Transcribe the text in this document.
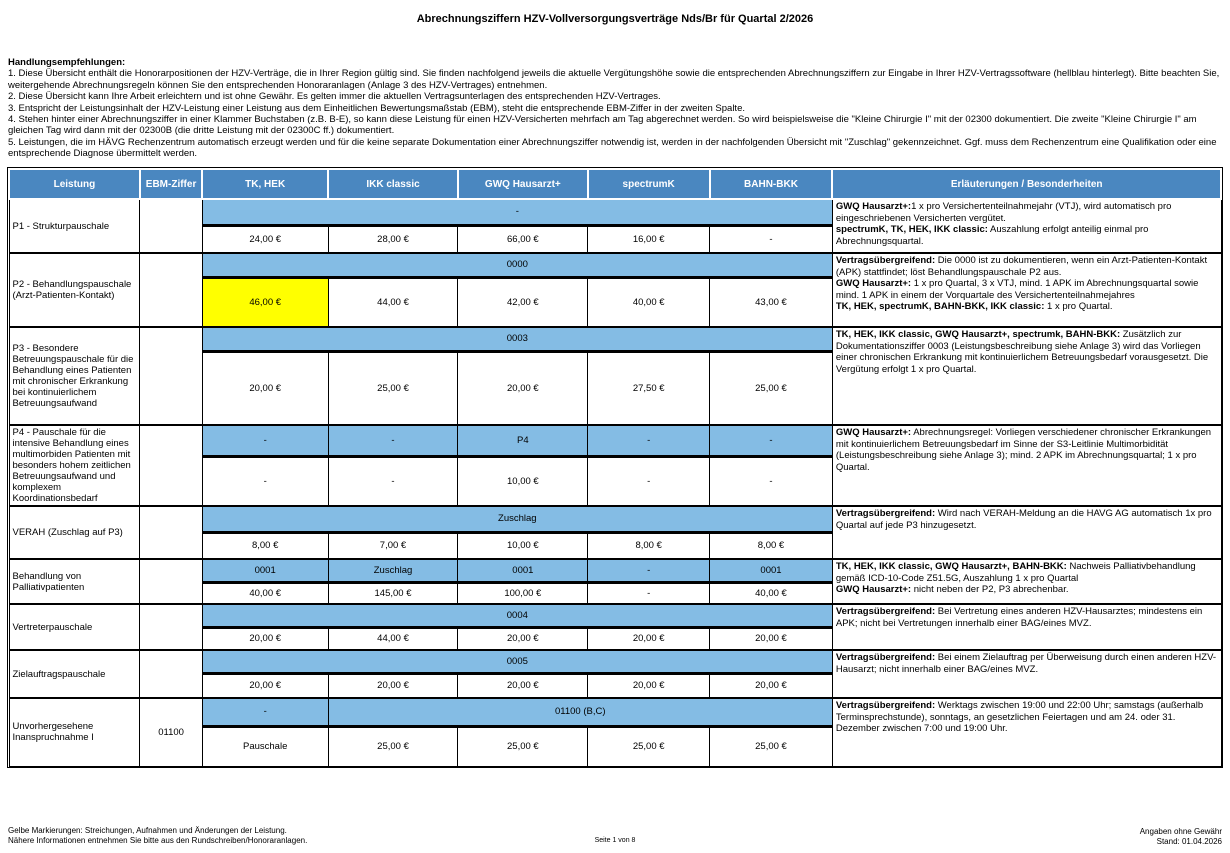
Abrechnungsziffern HZV-Vollversorgungsverträge Nds/Br für Quartal 2/2026
Handlungsempfehlungen:
1. Diese Übersicht enthält die Honorarpositionen der HZV-Verträge, die in Ihrer Region gültig sind. Sie finden nachfolgend jeweils die aktuelle Vergütungshöhe sowie die entsprechenden Abrechnungsziffern zur Eingabe in Ihrer HZV-Vertragssoftware (hellblau hinterlegt). Bitte beachten Sie, weitergehende Abrechnungsregeln können Sie den entsprechenden Honoraranlagen (Anlage 3 des HZV-Vertrages) entnehmen.
2. Diese Übersicht kann Ihre Arbeit erleichtern und ist ohne Gewähr. Es gelten immer die aktuellen Vertragsunterlagen des entsprechenden HZV-Vertrages.
3. Entspricht der Leistungsinhalt der HZV-Leistung einer Leistung aus dem Einheitlichen Bewertungsmaßstab (EBM), steht die entsprechende EBM-Ziffer in der zweiten Spalte.
4. Stehen hinter einer Abrechnungsziffer in einer Klammer Buchstaben (z.B. B-E), so kann diese Leistung für einen HZV-Versicherten mehrfach am Tag abgerechnet werden. So wird beispielsweise die "Kleine Chirurgie I" mit der 02300 dokumentiert. Die zweite "Kleine Chirurgie I" am gleichen Tag wird dann mit der 02300B (die dritte Leistung mit der 02300C ff.) dokumentiert.
5. Leistungen, die im HÄVG Rechenzentrum automatisch erzeugt werden und für die keine separate Dokumentation einer Abrechnungsziffer notwendig ist, werden in der nachfolgenden Übersicht mit "Zuschlag" gekennzeichnet. Ggf. muss dem Rechenzentrum eine Qualifikation oder eine entsprechende Diagnose übermittelt werden.
Leistung	EBM-Ziffer	TK, HEK	IKK classic	GWQ Hausarzt+	spectrumK	BAHN-BKK	Erläuterungen / Besonderheiten
P1 - Strukturpauschale		-					GWQ Hausarzt+:1 x pro Versichertenteilnahmejahr (VTJ), wird automatisch pro eingeschriebenen Versicherten vergütet.
spectrumK, TK, HEK, IKK classic: Auszahlung erfolgt anteilig einmal pro Abrechnungsquartal.
		24,00 €	28,00 €	66,00 €	16,00 €	-	
P2 - Behandlungspauschale (Arzt-Patienten-Kontakt)		0000					Vertragsübergreifend: Die 0000 ist zu dokumentieren, wenn ein Arzt-Patienten-Kontakt (APK) stattfindet; löst Behandlungspauschale P2 aus.
GWQ Hausarzt+: 1 x pro Quartal, 3 x VTJ, mind. 1 APK im Abrechnungsquartal sowie mind. 1 APK in einem der Vorquartale des Versichertenteilnahmejahres
TK, HEK, spectrumK, BAHN-BKK, IKK classic: 1 x pro Quartal.
		46,00 €	44,00 €	42,00 €	40,00 €	43,00 €	
P3 - Besondere Betreuungspauschale für die Behandlung eines Patienten mit chronischer Erkrankung bei kontinuierlichem Betreuungsaufwand		0003					TK, HEK, IKK classic, GWQ Hausarzt+, spectrumk, BAHN-BKK: Zusätzlich zur Dokumentationsziffer 0003 (Leistungsbeschreibung siehe Anlage 3) wird das Vorliegen einer chronischen Erkrankung mit kontinuierlichem Betreuungsbedarf vorausgesetzt. Die Vergütung erfolgt 1 x pro Quartal.
		20,00 €	25,00 €	20,00 €	27,50 €	25,00 €	
P4 - Pauschale für die intensive Behandlung eines multimorbiden Patienten mit besonders hohem zeitlichen Betreuungsaufwand und komplexem Koordinationsbedarf		-	-	P4	-	-	GWQ Hausarzt+: Abrechnungsregel: Vorliegen verschiedener chronischer Erkrankungen mit kontinuierlichem Betreuungsbedarf im Sinne der S3-Leitlinie Multimorbidität (Leistungsbeschreibung siehe Anlage 3); mind. 2 APK im Abrechnungsquartal; 1 x pro Quartal.
		-	-	10,00 €	-	-	
VERAH (Zuschlag auf P3)		Zuschlag					Vertragsübergreifend: Wird nach VERAH-Meldung an die HAVG AG automatisch 1x pro Quartal auf jede P3 hinzugesetzt.
		8,00 €	7,00 €	10,00 €	8,00 €	8,00 €	
Behandlung von Palliativpatienten		0001	Zuschlag	0001	-	0001	TK, HEK, IKK classic, GWQ Hausarzt+, BAHN-BKK: Nachweis Palliativbehandlung gemäß ICD-10-Code Z51.5G, Auszahlung 1 x pro Quartal
GWQ Hausarzt+: nicht neben der P2, P3 abrechenbar.
		40,00 €	145,00 €	100,00 €	-	40,00 €	
Vertreterpauschale		0004					Vertragsübergreifend: Bei Vertretung eines anderen HZV-Hausarztes; mindestens ein APK; nicht bei Vertretungen innerhalb einer BAG/eines MVZ.
		20,00 €	44,00 €	20,00 €	20,00 €	20,00 €	
Zielauftragspauschale		0005					Vertragsübergreifend: Bei einem Zielauftrag per Überweisung durch einen anderen HZV-Hausarzt; nicht innerhalb einer BAG/eines MVZ.
		20,00 €	20,00 €	20,00 €	20,00 €	20,00 €	
Unvorhergesehene Inanspruchnahme I	01100	-	01100 (B,C)				Vertragsübergreifend: Werktags zwischen 19:00 und 22:00 Uhr; samstags (außerhalb Terminsprechstunde), sonntags, an gesetzlichen Feiertagen und am 24. oder 31. Dezember zwischen 7:00 und 19:00 Uhr.
		Pauschale	25,00 €	25,00 €	25,00 €	25,00 €	
Gelbe Markierungen: Streichungen, Aufnahmen und Änderungen der Leistung.
Nähere Informationen entnehmen Sie bitte aus den Rundschreiben/Honoraranlagen.	Seite 1 von 8
Angaben ohne Gewähr
Stand: 01.04.2026
